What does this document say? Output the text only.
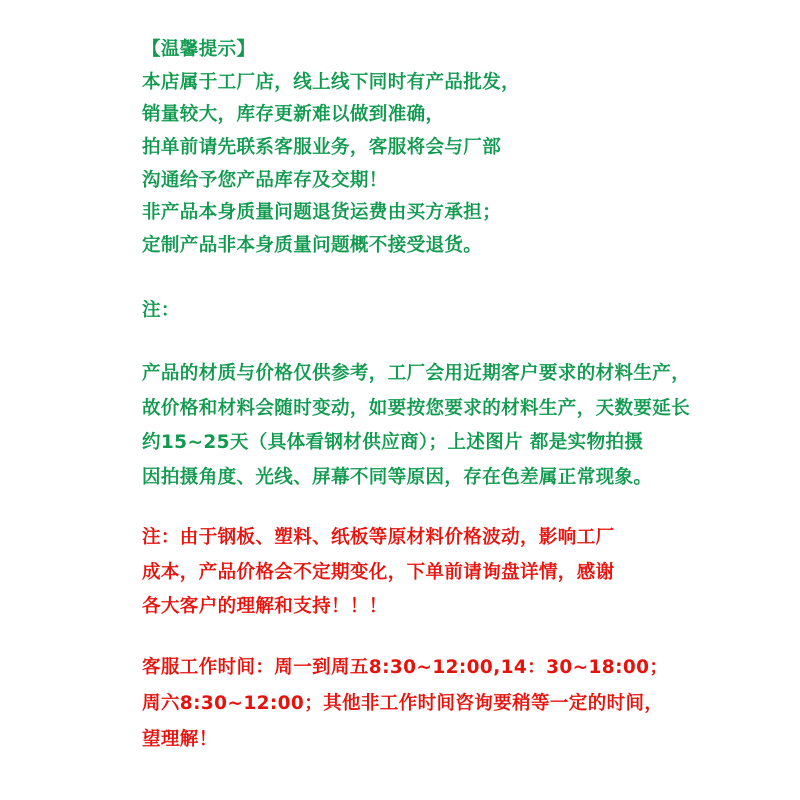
【温馨提示】
本店属于工厂店，线上线下同时有产品批发，
销量较大，库存更新难以做到准确，
拍单前请先联系客服业务，客服将会与厂部
沟通给予您产品库存及交期！
非产品本身质量问题退货运费由买方承担；
定制产品非本身质量问题概不接受退货。
注：
产品的材质与价格仅供参考，工厂会用近期客户要求的材料生产，
故价格和材料会随时变动，如要按您要求的材料生产，天数要延长
约15~25天（具体看钢材供应商）；上述图片 都是实物拍摄
因拍摄角度、光线、屏幕不同等原因，存在色差属正常现象。
注：由于钢板、塑料、纸板等原材料价格波动，影响工厂
成本，产品价格会不定期变化，下单前请询盘详情，感谢
各大客户的理解和支持！！！
客服工作时间：周一到周五8:30~12:00,14：30~18:00；
周六8:30~12:00；其他非工作时间咨询要稍等一定的时间，
望理解！
